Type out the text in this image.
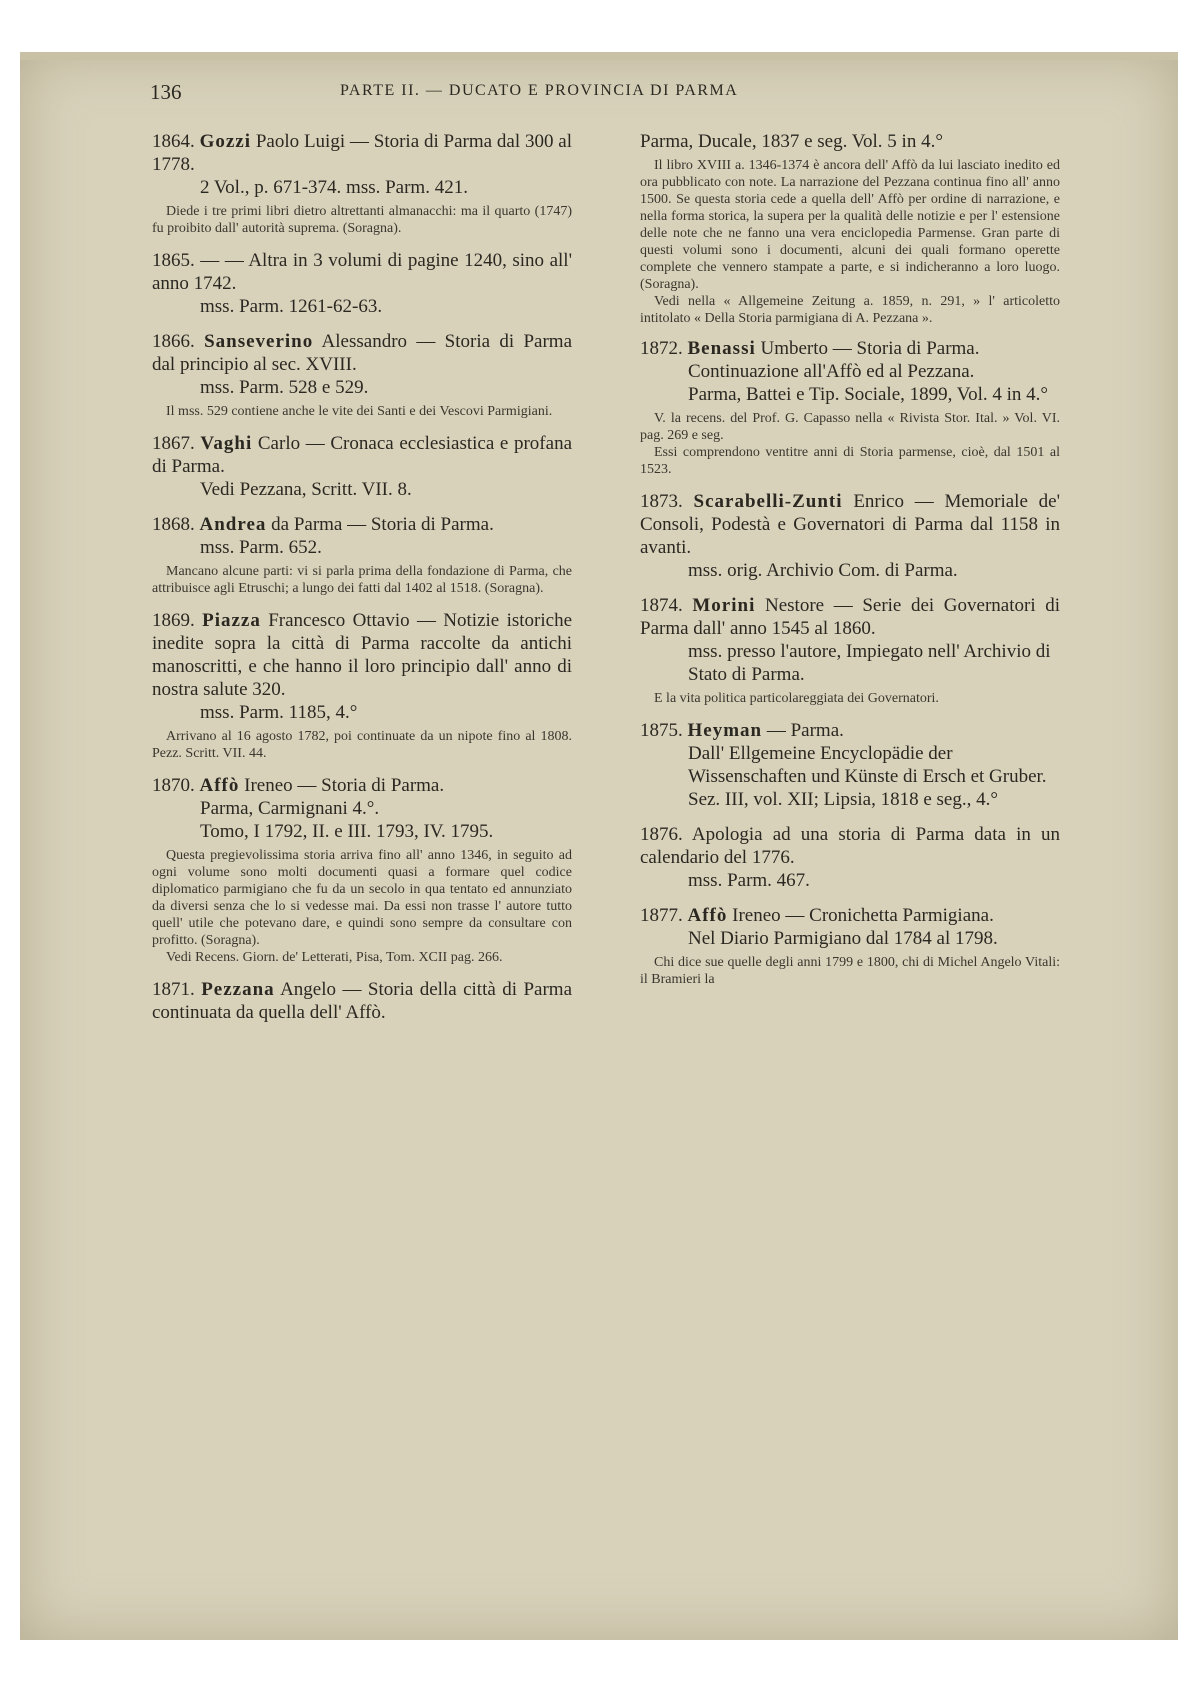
136	PARTE II. — DUCATO E PROVINCIA DI PARMA

1864. Gozzi Paolo Luigi — Storia di Parma dal 300 al 1778.

2 Vol., p. 671-374. mss. Parm. 421.

Diede i tre primi libri dietro altrettanti almanacchi: ma il quarto (1747) fu proibito dall' autorità suprema. (Soragna).

1865. — — Altra in 3 volumi di pagine 1240, sino all' anno 1742.

mss. Parm. 1261-62-63.

1866. Sanseverino Alessandro — Storia di Parma dal principio al sec. XVIII.

mss. Parm. 528 e 529.

Il mss. 529 contiene anche le vite dei Santi e dei Vescovi Parmigiani.

1867. Vaghi Carlo — Cronaca ecclesiastica e profana di Parma.

Vedi Pezzana, Scritt. VII. 8.

1868. Andrea da Parma — Storia di Parma.

mss. Parm. 652.

Mancano alcune parti: vi si parla prima della fondazione di Parma, che attribuisce agli Etruschi; a lungo dei fatti dal 1402 al 1518. (Soragna).

1869. Piazza Francesco Ottavio — Notizie istoriche inedite sopra la città di Parma raccolte da antichi manoscritti, e che hanno il loro principio dall' anno di nostra salute 320.

mss. Parm. 1185, 4.°

Arrivano al 16 agosto 1782, poi continuate da un nipote fino al 1808. Pezz. Scritt. VII. 44.

1870. Affò Ireneo — Storia di Parma.

Parma, Carmignani 4.°.

Tomo, I 1792, II. e III. 1793, IV. 1795.

Questa pregievolissima storia arriva fino all' anno 1346, in seguito ad ogni volume sono molti documenti quasi a formare quel codice diplomatico parmigiano che fu da un secolo in qua tentato ed annunziato da diversi senza che lo si vedesse mai. Da essi non trasse l' autore tutto quell' utile che potevano dare, e quindi sono sempre da consultare con profitto. (Soragna).

Vedi Recens. Giorn. de' Letterati, Pisa, Tom. XCII pag. 266.

1871. Pezzana Angelo — Storia della città di Parma continuata da quella dell' Affò.

Parma, Ducale, 1837 e seg. Vol. 5 in 4.°

Il libro XVIII a. 1346-1374 è ancora dell' Affò da lui lasciato inedito ed ora pubblicato con note. La narrazione del Pezzana continua fino all' anno 1500. Se questa storia cede a quella dell' Affò per ordine di narrazione, e nella forma storica, la supera per la qualità delle notizie e per l' estensione delle note che ne fanno una vera enciclopedia Parmense. Gran parte di questi volumi sono i documenti, alcuni dei quali formano operette complete che vennero stampate a parte, e si indicheranno a loro luogo. (Soragna).

Vedi nella « Allgemeine Zeitung a. 1859, n. 291, » l' articoletto intitolato « Della Storia parmigiana di A. Pezzana ».

1872. Benassi Umberto — Storia di Parma.

Continuazione all'Affò ed al Pezzana.

Parma, Battei e Tip. Sociale, 1899, Vol. 4 in 4.°

V. la recens. del Prof. G. Capasso nella « Rivista Stor. Ital. » Vol. VI. pag. 269 e seg.

Essi comprendono ventitre anni di Storia parmense, cioè, dal 1501 al 1523.

1873. Scarabelli-Zunti Enrico — Memoriale de' Consoli, Podestà e Governatori di Parma dal 1158 in avanti.

mss. orig. Archivio Com. di Parma.

1874. Morini Nestore — Serie dei Governatori di Parma dall' anno 1545 al 1860.

mss. presso l'autore, Impiegato nell' Archivio di Stato di Parma.

E la vita politica particolareggiata dei Governatori.

1875. Heyman — Parma.

Dall' Ellgemeine Encyclopädie der Wissenschaften und Künste di Ersch et Gruber.

Sez. III, vol. XII; Lipsia, 1818 e seg., 4.°

1876. Apologia ad una storia di Parma data in un calendario del 1776.

mss. Parm. 467.

1877. Affò Ireneo — Cronichetta Parmigiana.

Nel Diario Parmigiano dal 1784 al 1798.

Chi dice sue quelle degli anni 1799 e 1800, chi di Michel Angelo Vitali: il Bramieri la
